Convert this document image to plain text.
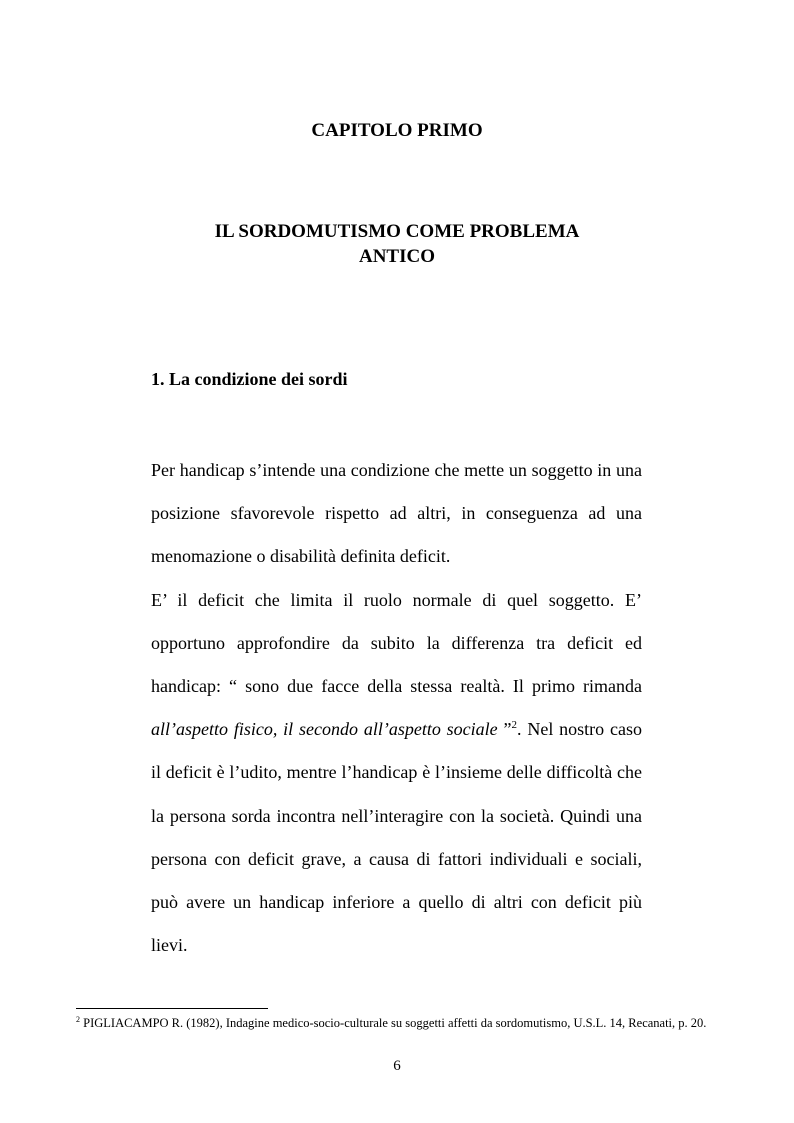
CAPITOLO PRIMO
IL SORDOMUTISMO COME PROBLEMA
ANTICO
1. La condizione dei sordi

Per handicap s’intende una condizione che mette un soggetto in una posizione sfavorevole rispetto ad altri, in conseguenza ad una menomazione o disabilità definita deficit.

E’ il deficit che limita il ruolo normale di quel soggetto. E’ opportuno approfondire da subito la differenza tra deficit ed handicap: “ sono due facce della stessa realtà. Il primo rimanda all’aspetto fisico, il secondo all’aspetto sociale ”$^2$. Nel nostro caso il deficit è l’udito, mentre l’handicap è l’insieme delle difficoltà che la persona sorda incontra nell’interagire con la società. Quindi una persona con deficit grave, a causa di fattori individuali e sociali, può avere un handicap inferiore a quello di altri con deficit più lievi.

$^2$ PIGLIACAMPO R. (1982), Indagine medico-socio-culturale su soggetti affetti da sordomutismo, U.S.L. 14, Recanati, p. 20.
6
